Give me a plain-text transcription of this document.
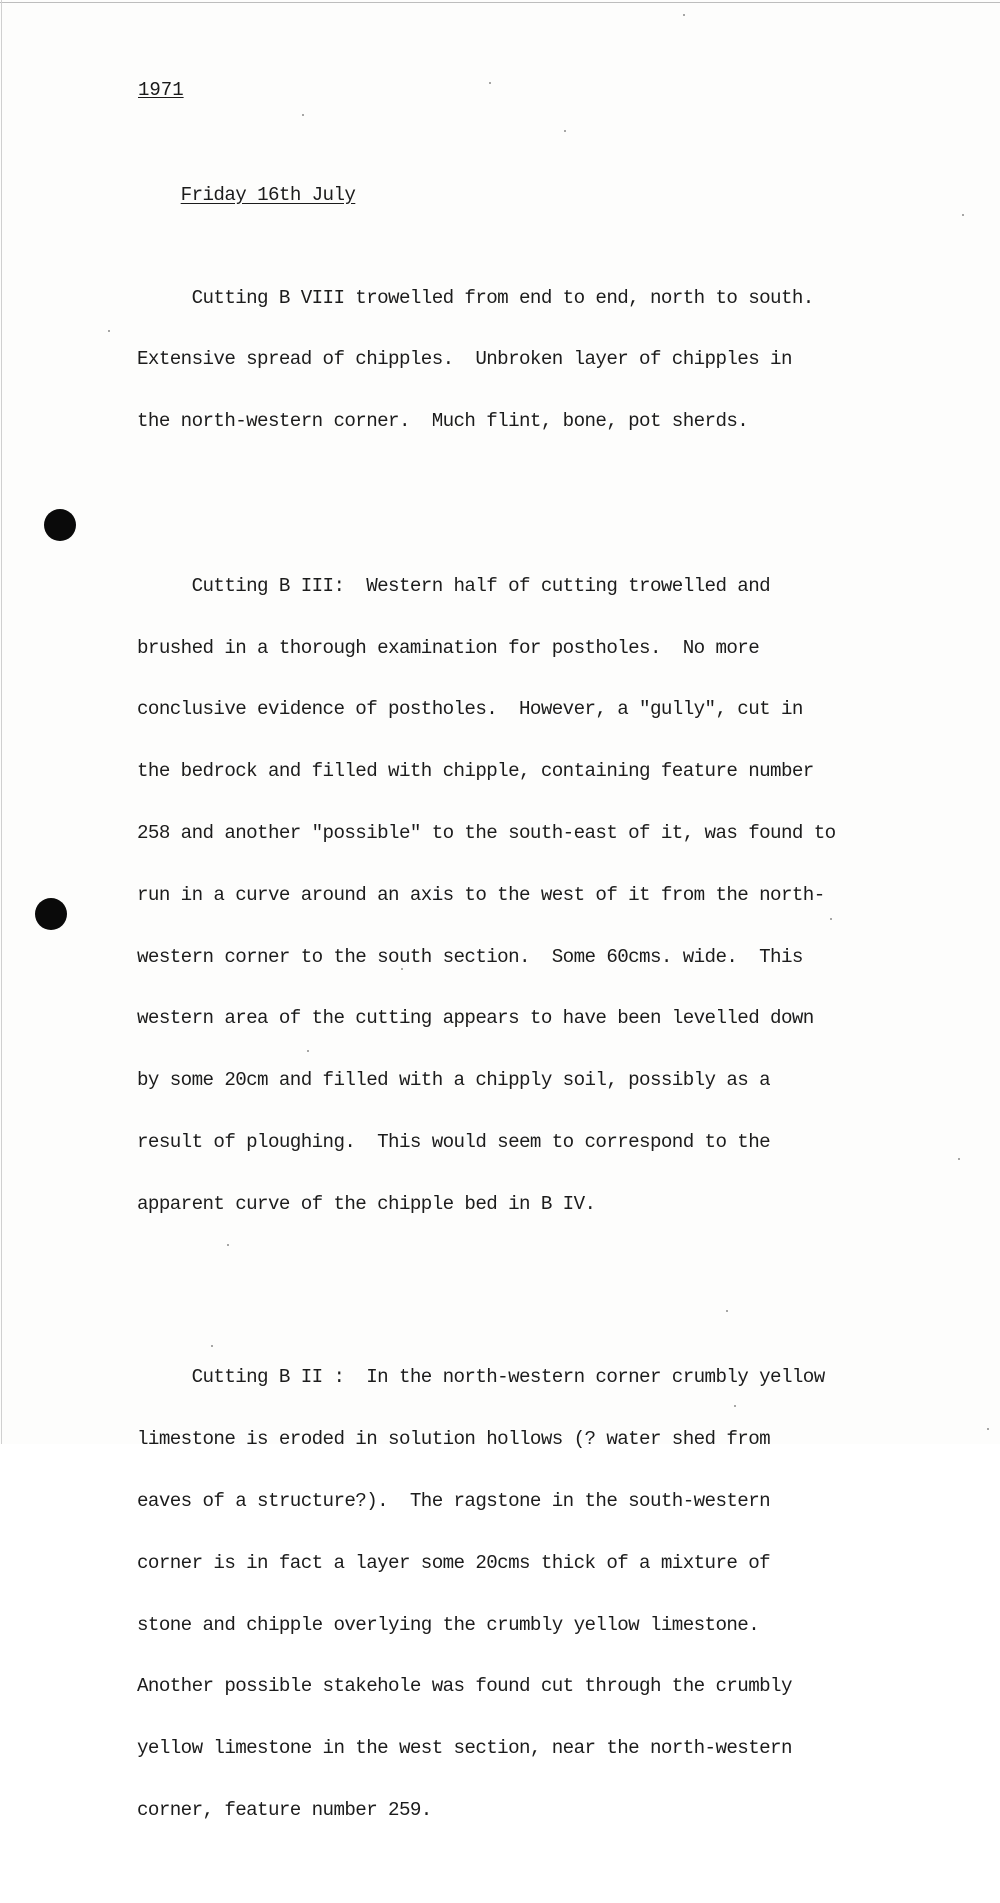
1971

Friday 16th July

Cutting B VIII trowelled from end to end, north to south.

Extensive spread of chipples.  Unbroken layer of chipples in

the north-western corner.  Much flint, bone, pot sherds.

Cutting B III:  Western half of cutting trowelled and

brushed in a thorough examination for postholes.  No more

conclusive evidence of postholes.  However, a "gully", cut in

the bedrock and filled with chipple, containing feature number

258 and another "possible" to the south-east of it, was found to

run in a curve around an axis to the west of it from the north-

western corner to the south section.  Some 60cms. wide.  This

western area of the cutting appears to have been levelled down

by some 20cm and filled with a chipply soil, possibly as a

result of ploughing.  This would seem to correspond to the

apparent curve of the chipple bed in B IV.

Cutting B II :  In the north-western corner crumbly yellow

limestone is eroded in solution hollows (? water shed from

eaves of a structure?).  The ragstone in the south-western

corner is in fact a layer some 20cms thick of a mixture of

stone and chipple overlying the crumbly yellow limestone.

Another possible stakehole was found cut through the crumbly

yellow limestone in the west section, near the north-western

corner, feature number 259.
